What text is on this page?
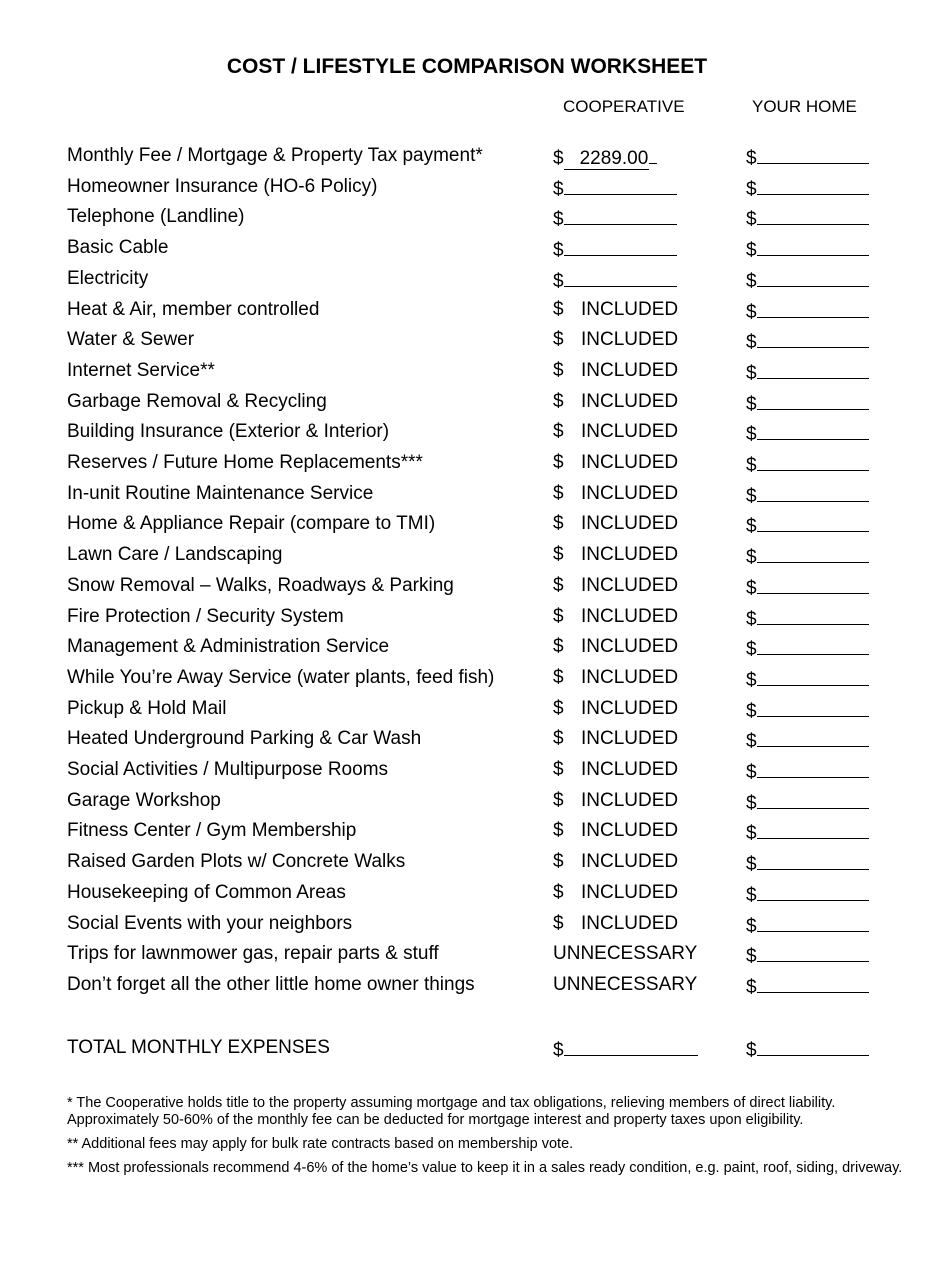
COST / LIFESTYLE COMPARISON WORKSHEET
COOPERATIVE	YOUR HOME
Monthly Fee / Mortgage & Property Tax payment*	$ 2289.00	$
Homeowner Insurance (HO-6 Policy)	$	$
Telephone (Landline)	$	$
Basic Cable	$	$
Electricity	$	$
Heat & Air, member controlled	$ INCLUDED	$
Water & Sewer	$ INCLUDED	$
Internet Service**	$ INCLUDED	$
Garbage Removal & Recycling	$ INCLUDED	$
Building Insurance (Exterior & Interior)	$ INCLUDED	$
Reserves / Future Home Replacements***	$ INCLUDED	$
In-unit Routine Maintenance Service	$ INCLUDED	$
Home & Appliance Repair (compare to TMI)	$ INCLUDED	$
Lawn Care / Landscaping	$ INCLUDED	$
Snow Removal – Walks, Roadways & Parking	$ INCLUDED	$
Fire Protection / Security System	$ INCLUDED	$
Management & Administration Service	$ INCLUDED	$
While You’re Away Service (water plants, feed fish)	$ INCLUDED	$
Pickup & Hold Mail	$ INCLUDED	$
Heated Underground Parking & Car Wash	$ INCLUDED	$
Social Activities / Multipurpose Rooms	$ INCLUDED	$
Garage Workshop	$ INCLUDED	$
Fitness Center / Gym Membership	$ INCLUDED	$
Raised Garden Plots w/ Concrete Walks	$ INCLUDED	$
Housekeeping of Common Areas	$ INCLUDED	$
Social Events with your neighbors	$ INCLUDED	$
Trips for lawnmower gas, repair parts & stuff	UNNECESSARY	$
Don’t forget all the other little home owner things	UNNECESSARY	$
TOTAL MONTHLY EXPENSES	$	$

* The Cooperative holds title to the property assuming mortgage and tax obligations, relieving members of direct liability. Approximately 50-60% of the monthly fee can be deducted for mortgage interest and property taxes upon eligibility.

** Additional fees may apply for bulk rate contracts based on membership vote.

*** Most professionals recommend 4-6% of the home’s value to keep it in a sales ready condition, e.g. paint, roof, siding, driveway.
